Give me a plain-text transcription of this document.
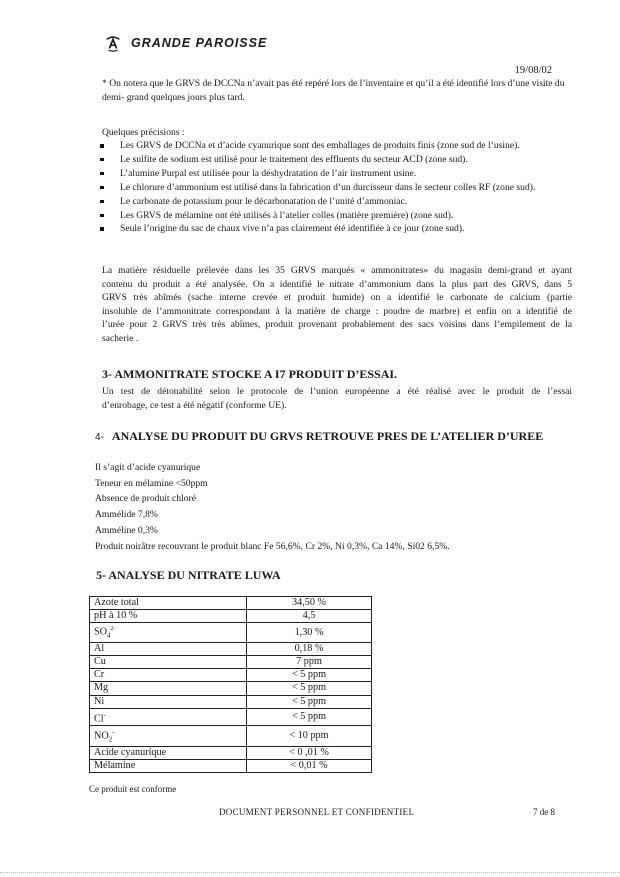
GRANDE PAROISSE
19/08/02
* On notera que le GRVS de DCCNa n’avait pas été repéré lors de l’inventaire et qu’il a été identifié lors d’une visite du demi- grand quelques jours plus tard.
Quelques précisions :
Les GRVS de DCCNa et d’acide cyanurique sont des emballages de produits finis (zone sud de l’usine).
Le sulfite de sodium est utilisé pour le traitement des effluents du secteur ACD (zone sud).
L’alumine Purpal est utilisée pour la déshydratation de l’air instrument usine.
Le chlorure d’ammonium est utilisé dans la fabrication d’un durcisseur dans le secteur colles RF (zone sud).
Le carbonate de potassium pour le décarbonatation de l’unité d’ammoniac.
Les GRVS de mélamine ont été utilisés à l’atelier colles (matière première) (zone sud).
Seule l’origine du sac de chaux vive n’a pas clairement été identifiée à ce jour (zone sud).
La matière résiduelle prélevée dans les 35 GRVS marqués « ammonitrates» du magasin demi-grand et ayant
contenu du produit a été analysée. On a identifié le nitrate d’ammonium dans la plus part des GRVS, dans 5
GRVS très abîmés (sache interne crevée et produit humide) on a identifié le carbonate de calcium (partie
insoluble de l’ammonitrate correspondant à la matière de charge : poudre de marbre) et enfin on a identifié de
l’urée pour 2 GRVS très très abîmes, produit provenant probablement des sacs voisins dans l’empilement de la
sacherie .
3- AMMONITRATE STOCKE A I7 PRODUIT D’ESSAI.
Un test de détonabilité selon le protocole de l’union européenne a été réalisé avec le produit de l’essai
d’enrobage, ce test a été négatif (conforme UE).
4- ANALYSE DU PRODUIT DU GRVS RETROUVE PRES DE L’ATELIER D’UREE
Il s’agit d’acide cyanurique
Teneur en mélamine <50ppm
Absence de produit chloré
Ammélide 7,8%
Amméline 0,3%
Produit noirâtre recouvrant le produit blanc Fe 56,6%, Cr 2%, Ni 0,3%, Ca 14%, Si02 6,5%.
5- ANALYSE DU NITRATE LUWA
Azote total	34,50 %
pH à 10 %	4,5
$SO_4^{2-}$	1,30 %
Al	0,18 %
Cu	7 ppm
Cr	< 5 ppm
Mg	< 5 ppm
Ni	< 5 ppm
Cl-	< 5 ppm
$NO_2^-$	< 10 ppm
Acide cyanurique	< 0 ,01 %
Mélamine	< 0,01 %
Ce produit est conforme
DOCUMENT PERSONNEL ET CONFIDENTIEL	7 de 8
